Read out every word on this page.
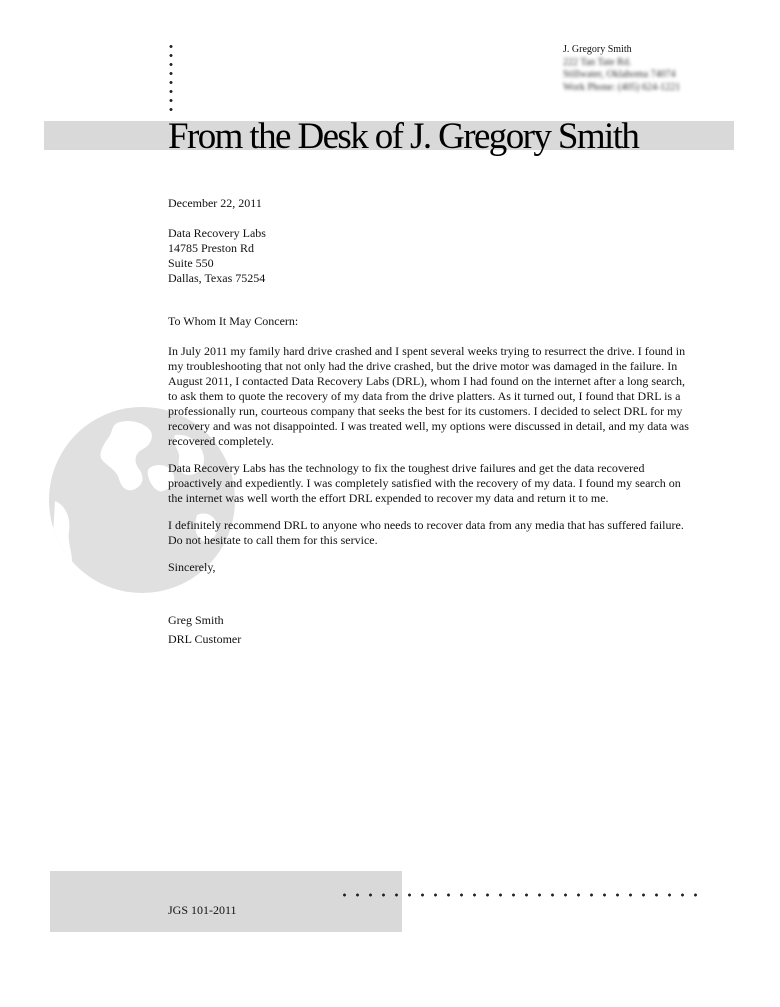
J. Gregory Smith
222 Tan Tate Rd.
Stillwater, Oklahoma 74074
Work Phone: (405) 624-1221
From the Desk of J. Gregory Smith

December 22, 2011

Data Recovery Labs

14785 Preston Rd

Suite 550

Dallas, Texas 75254

To Whom It May Concern:

In July 2011 my family hard drive crashed and I spent several weeks trying to resurrect the drive. I found in my troubleshooting that not only had the drive crashed, but the drive motor was damaged in the failure. In August 2011, I contacted Data Recovery Labs (DRL), whom I had found on the internet after a long search, to ask them to quote the recovery of my data from the drive platters. As it turned out, I found that DRL is a professionally run, courteous company that seeks the best for its customers. I decided to select DRL for my recovery and was not disappointed. I was treated well, my options were discussed in detail, and my data was recovered completely.

Data Recovery Labs has the technology to fix the toughest drive failures and get the data recovered proactively and expediently. I was completely satisfied with the recovery of my data. I found my search on the internet was well worth the effort DRL expended to recover my data and return it to me.

I definitely recommend DRL to anyone who needs to recover data from any media that has suffered failure. Do not hesitate to call them for this service.

Sincerely,

Greg Smith

DRL Customer

JGS 101-2011
